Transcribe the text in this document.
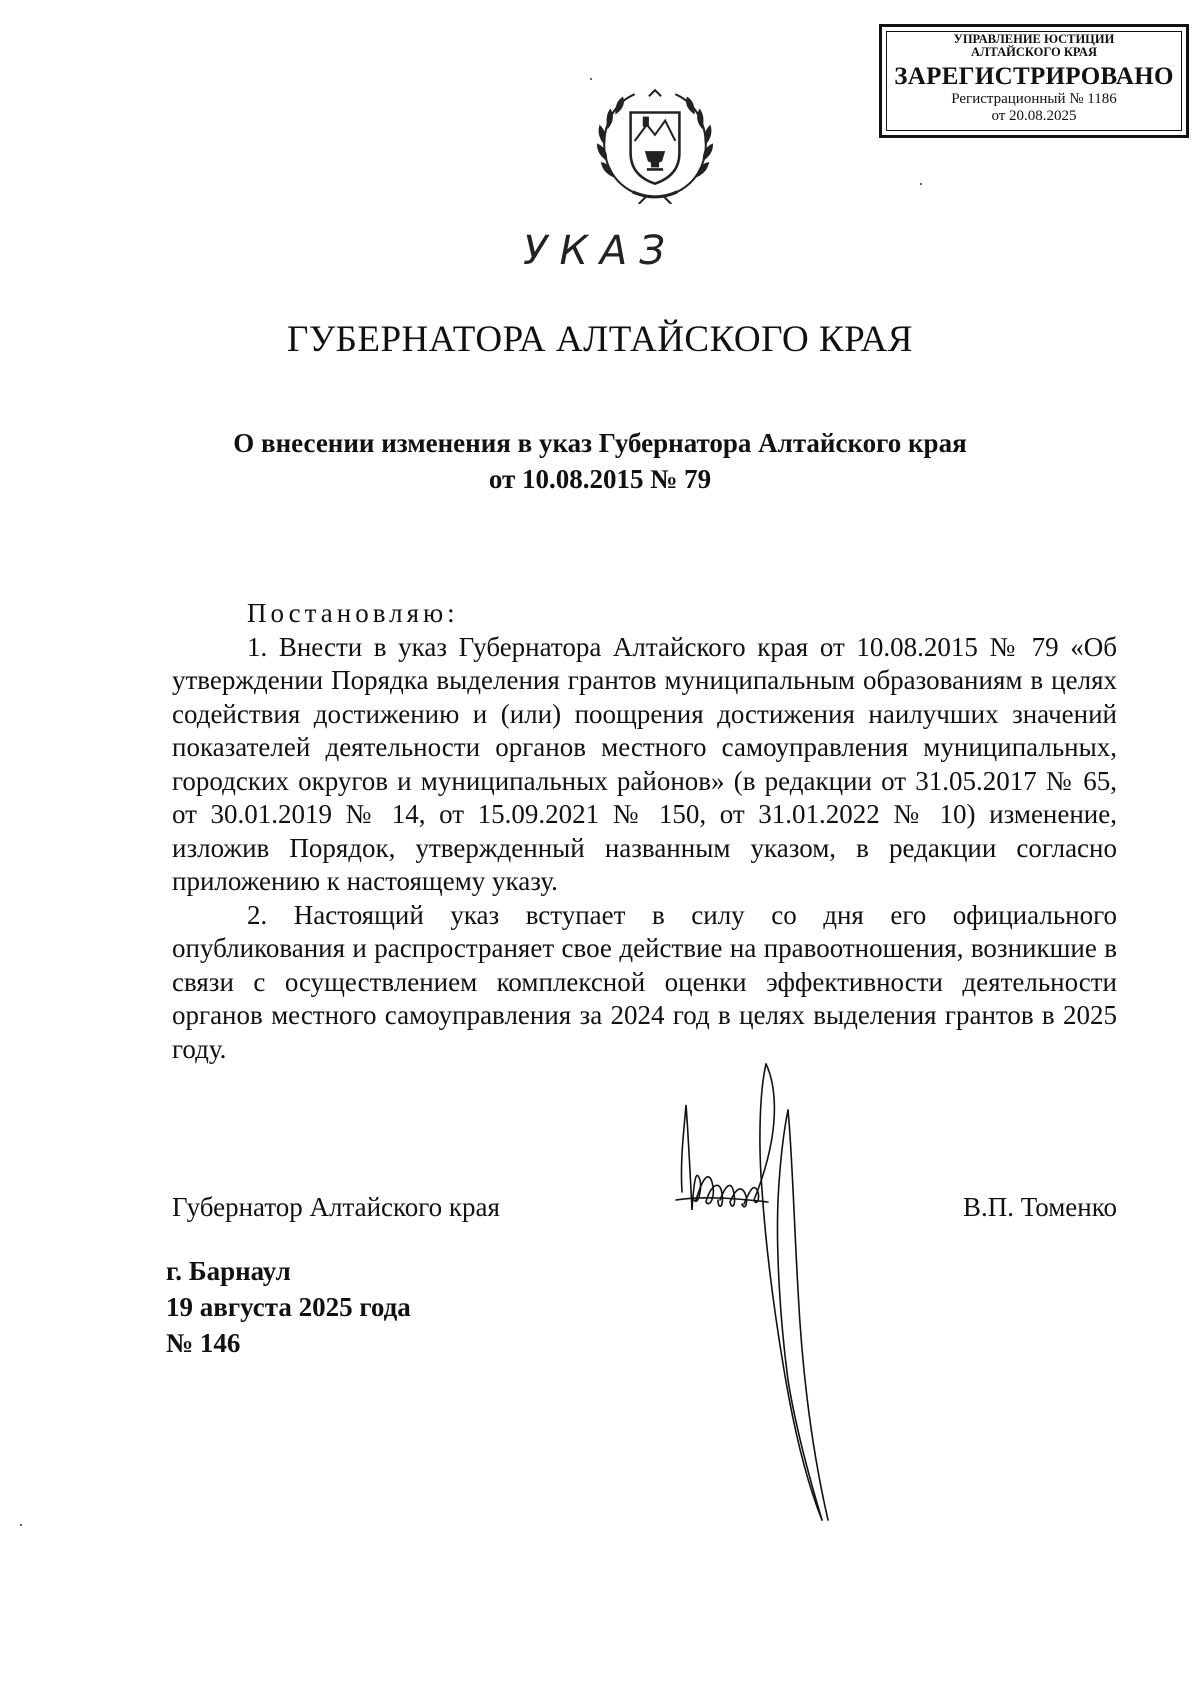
УПРАВЛЕНИЕ ЮСТИЦИИ АЛТАЙСКОГО КРАЯ
ЗАРЕГИСТРИРОВАНО
Регистрационный № 1186
от 20.08.2025
УКАЗ
ГУБЕРНАТОРА АЛТАЙСКОГО КРАЯ
О внесении изменения в указ Губернатора Алтайского края
от 10.08.2015 № 79

Постановляю:

1. Внести в указ Губернатора Алтайского края от 10.08.2015 № 79 «Об утверждении Порядка выделения грантов муниципальным образованиям в целях содействия достижению и (или) поощрения достижения наилучших значений показателей деятельности органов местного самоуправления муниципальных, городских округов и муниципальных районов» (в редакции от 31.05.2017 № 65, от 30.01.2019 № 14, от 15.09.2021 № 150, от 31.01.2022 № 10) изменение, изложив Порядок, утвержденный названным указом, в редакции согласно приложению к настоящему указу.

2. Настоящий указ вступает в силу со дня его официального опубликования и распространяет свое действие на правоотношения, возникшие в связи с осуществлением комплексной оценки эффективности деятельности органов местного самоуправления за 2024 год в целях выделения грантов в 2025 году.

Губернатор Алтайского края	В.П. Томенко
г. Барнаул
19 августа 2025 года
№ 146
